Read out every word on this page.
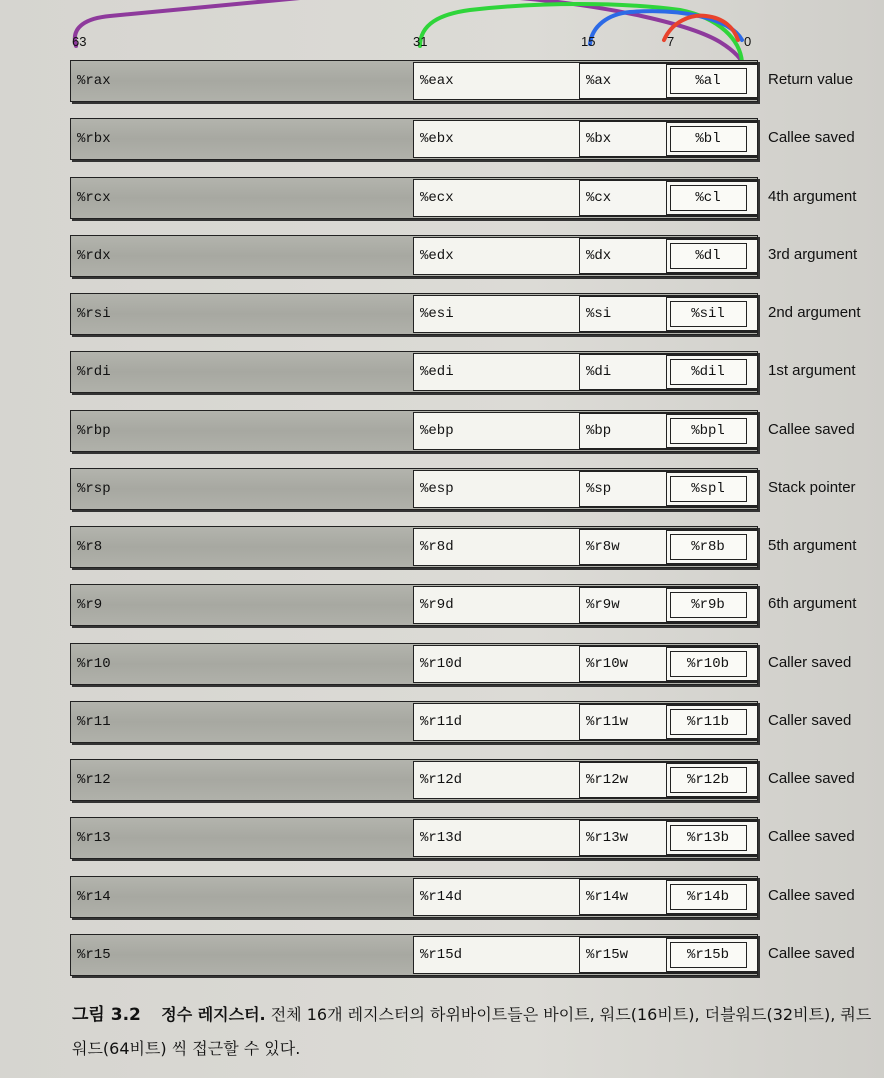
63	31	15	7	0
%rax	%eax	%ax	%al	Return value
%rbx	%ebx	%bx	%bl	Callee saved
%rcx	%ecx	%cx	%cl	4th argument
%rdx	%edx	%dx	%dl	3rd argument
%rsi	%esi	%si	%sil	2nd argument
%rdi	%edi	%di	%dil	1st argument
%rbp	%ebp	%bp	%bpl	Callee saved
%rsp	%esp	%sp	%spl	Stack pointer
%r8	%r8d	%r8w	%r8b	5th argument
%r9	%r9d	%r9w	%r9b	6th argument
%r10	%r10d	%r10w	%r10b	Caller saved
%r11	%r11d	%r11w	%r11b	Caller saved
%r12	%r12d	%r12w	%r12b	Callee saved
%r13	%r13d	%r13w	%r13b	Callee saved
%r14	%r14d	%r14w	%r14b	Callee saved
%r15	%r15d	%r15w	%r15b	Callee saved
그림 3.2 정수 레지스터. 전체 16개 레지스터의 하위바이트들은 바이트, 워드(16비트), 더블워드(32비트), 쿼드워드(64비트) 씩 접근할 수 있다.
